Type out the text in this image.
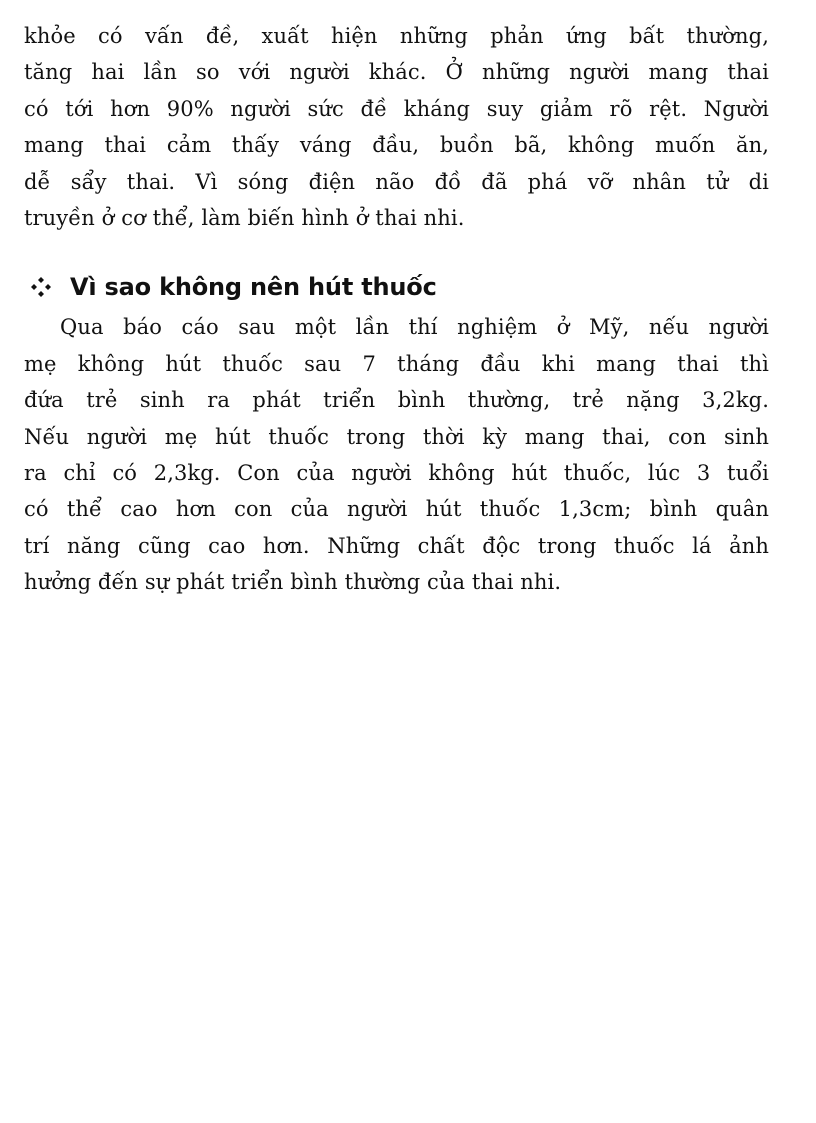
khỏe có vấn đề, xuất hiện những phản ứng bất thường,
tăng hai lần so với người khác. Ở những người mang thai
có tới hơn 90% người sức đề kháng suy giảm rõ rệt. Người
mang thai cảm thấy váng đầu, buồn bã, không muốn ăn,
dễ sẩy thai. Vì sóng điện não đồ đã phá vỡ nhân tử di
truyền ở cơ thể, làm biến hình ở thai nhi.
Vì sao không nên hút thuốc
Qua báo cáo sau một lần thí nghiệm ở Mỹ, nếu người
mẹ không hút thuốc sau 7 tháng đầu khi mang thai thì
đứa trẻ sinh ra phát triển bình thường, trẻ nặng 3,2kg.
Nếu người mẹ hút thuốc trong thời kỳ mang thai, con sinh
ra chỉ có 2,3kg. Con của người không hút thuốc, lúc 3 tuổi
có thể cao hơn con của người hút thuốc 1,3cm; bình quân
trí năng cũng cao hơn. Những chất độc trong thuốc lá ảnh
hưởng đến sự phát triển bình thường của thai nhi.
